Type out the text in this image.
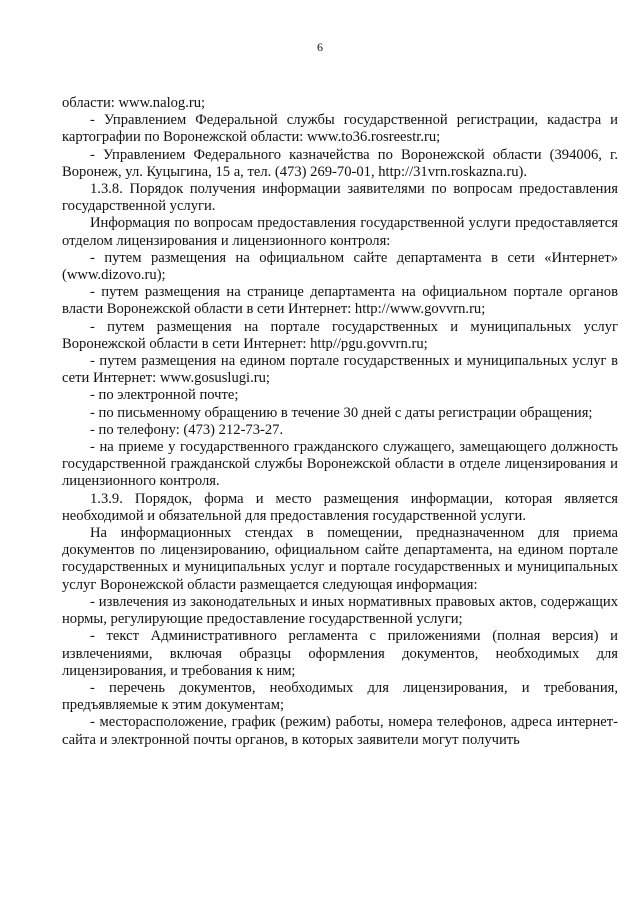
6

области: www.nalog.ru;

- Управлением Федеральной службы государственной регистрации, кадастра и картографии по Воронежской области: www.to36.rosreestr.ru;

- Управлением Федерального казначейства по Воронежской области (394006, г. Воронеж, ул. Куцыгина, 15 а, тел. (473) 269-70-01, http://31vrn.roskazna.ru).

1.3.8. Порядок получения информации заявителями по вопросам предоставления государственной услуги.

Информация по вопросам предоставления государственной услуги предоставляется отделом лицензирования и лицензионного контроля:

- путем размещения на официальном сайте департамента в сети «Интернет» (www.dizovo.ru);

- путем размещения на странице департамента на официальном портале органов власти Воронежской области в сети Интернет: http://www.govvrn.ru;

- путем размещения на портале государственных и муниципальных услуг Воронежской области в сети Интернет: http//pgu.govvrn.ru;

- путем размещения на едином портале государственных и муниципальных услуг в сети Интернет: www.gosuslugi.ru;

- по электронной почте;

- по письменному обращению в течение 30 дней с даты регистрации обращения;

- по телефону: (473) 212-73-27.

- на приеме у государственного гражданского служащего, замещающего должность государственной гражданской службы Воронежской области в отделе лицензирования и лицензионного контроля.

1.3.9. Порядок, форма и место размещения информации, которая является необходимой и обязательной для предоставления государственной услуги.

На информационных стендах в помещении, предназначенном для приема документов по лицензированию, официальном сайте департамента, на едином портале государственных и муниципальных услуг и портале государственных и муниципальных услуг Воронежской области размещается следующая информация:

- извлечения из законодательных и иных нормативных правовых актов, содержащих нормы, регулирующие предоставление государственной услуги;

- текст Административного регламента с приложениями (полная версия) и извлечениями, включая образцы оформления документов, необходимых для лицензирования, и требования к ним;

- перечень документов, необходимых для лицензирования, и требования, предъявляемые к этим документам;

- месторасположение, график (режим) работы, номера телефонов, адреса интернет-сайта и электронной почты органов, в которых заявители могут получить
